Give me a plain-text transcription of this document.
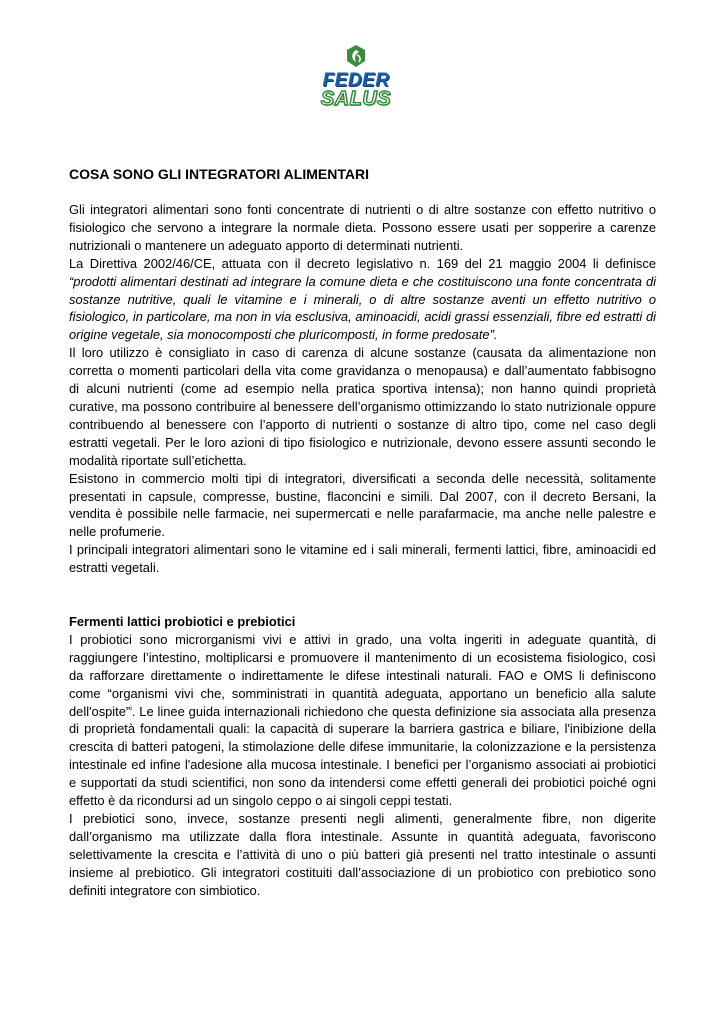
FEDER
SALUS
COSA SONO GLI INTEGRATORI ALIMENTARI

Gli integratori alimentari sono fonti concentrate di nutrienti o di altre sostanze con effetto nutritivo o fisiologico che servono a integrare la normale dieta. Possono essere usati per sopperire a carenze nutrizionali o mantenere un adeguato apporto di determinati nutrienti.

La Direttiva 2002/46/CE, attuata con il decreto legislativo n. 169 del 21 maggio 2004 li definisce “prodotti alimentari destinati ad integrare la comune dieta e che costituiscono una fonte concentrata di sostanze nutritive, quali le vitamine e i minerali, o di altre sostanze aventi un effetto nutritivo o fisiologico, in particolare, ma non in via esclusiva, aminoacidi, acidi grassi essenziali, fibre ed estratti di origine vegetale, sia monocomposti che pluricomposti, in forme predosate”.

Il loro utilizzo è consigliato in caso di carenza di alcune sostanze (causata da alimentazione non corretta o momenti particolari della vita come gravidanza o menopausa) e dall’aumentato fabbisogno di alcuni nutrienti (come ad esempio nella pratica sportiva intensa); non hanno quindi proprietà curative, ma possono contribuire al benessere dell’organismo ottimizzando lo stato nutrizionale oppure contribuendo al benessere con l’apporto di nutrienti o sostanze di altro tipo, come nel caso degli estratti vegetali. Per le loro azioni di tipo fisiologico e nutrizionale, devono essere assunti secondo le modalità riportate sull’etichetta.

Esistono in commercio molti tipi di integratori, diversificati a seconda delle necessità, solitamente presentati in capsule, compresse, bustine, flaconcini e simili. Dal 2007, con il decreto Bersani, la vendita è possibile nelle farmacie, nei supermercati e nelle parafarmacie, ma anche nelle palestre e nelle profumerie.

I principali integratori alimentari sono le vitamine ed i sali minerali, fermenti lattici, fibre, aminoacidi ed estratti vegetali.

Fermenti lattici probiotici e prebiotici

I probiotici sono microrganismi vivi e attivi in grado, una volta ingeriti in adeguate quantità, di raggiungere l’intestino, moltiplicarsi e promuovere il mantenimento di un ecosistema fisiologico, così da rafforzare direttamente o indirettamente le difese intestinali naturali. FAO e OMS li definiscono come “organismi vivi che, somministrati in quantità adeguata, apportano un beneficio alla salute dell'ospite”$^i$. Le linee guida internazionali richiedono che questa definizione sia associata alla presenza di proprietà fondamentali quali: la capacità di superare la barriera gastrica e biliare, l'inibizione della crescita di batteri patogeni, la stimolazione delle difese immunitarie, la colonizzazione e la persistenza intestinale ed infine l'adesione alla mucosa intestinale. I benefici per l’organismo associati ai probiotici e supportati da studi scientifici, non sono da intendersi come effetti generali dei probiotici poiché ogni effetto è da ricondursi ad un singolo ceppo o ai singoli ceppi testati.

I prebiotici sono, invece, sostanze presenti negli alimenti, generalmente fibre, non digerite dall’organismo ma utilizzate dalla flora intestinale. Assunte in quantità adeguata, favoriscono selettivamente la crescita e l’attività di uno o più batteri già presenti nel tratto intestinale o assunti insieme al prebiotico. Gli integratori costituiti dall’associazione di un probiotico con prebiotico sono definiti integratore con simbiotico.
